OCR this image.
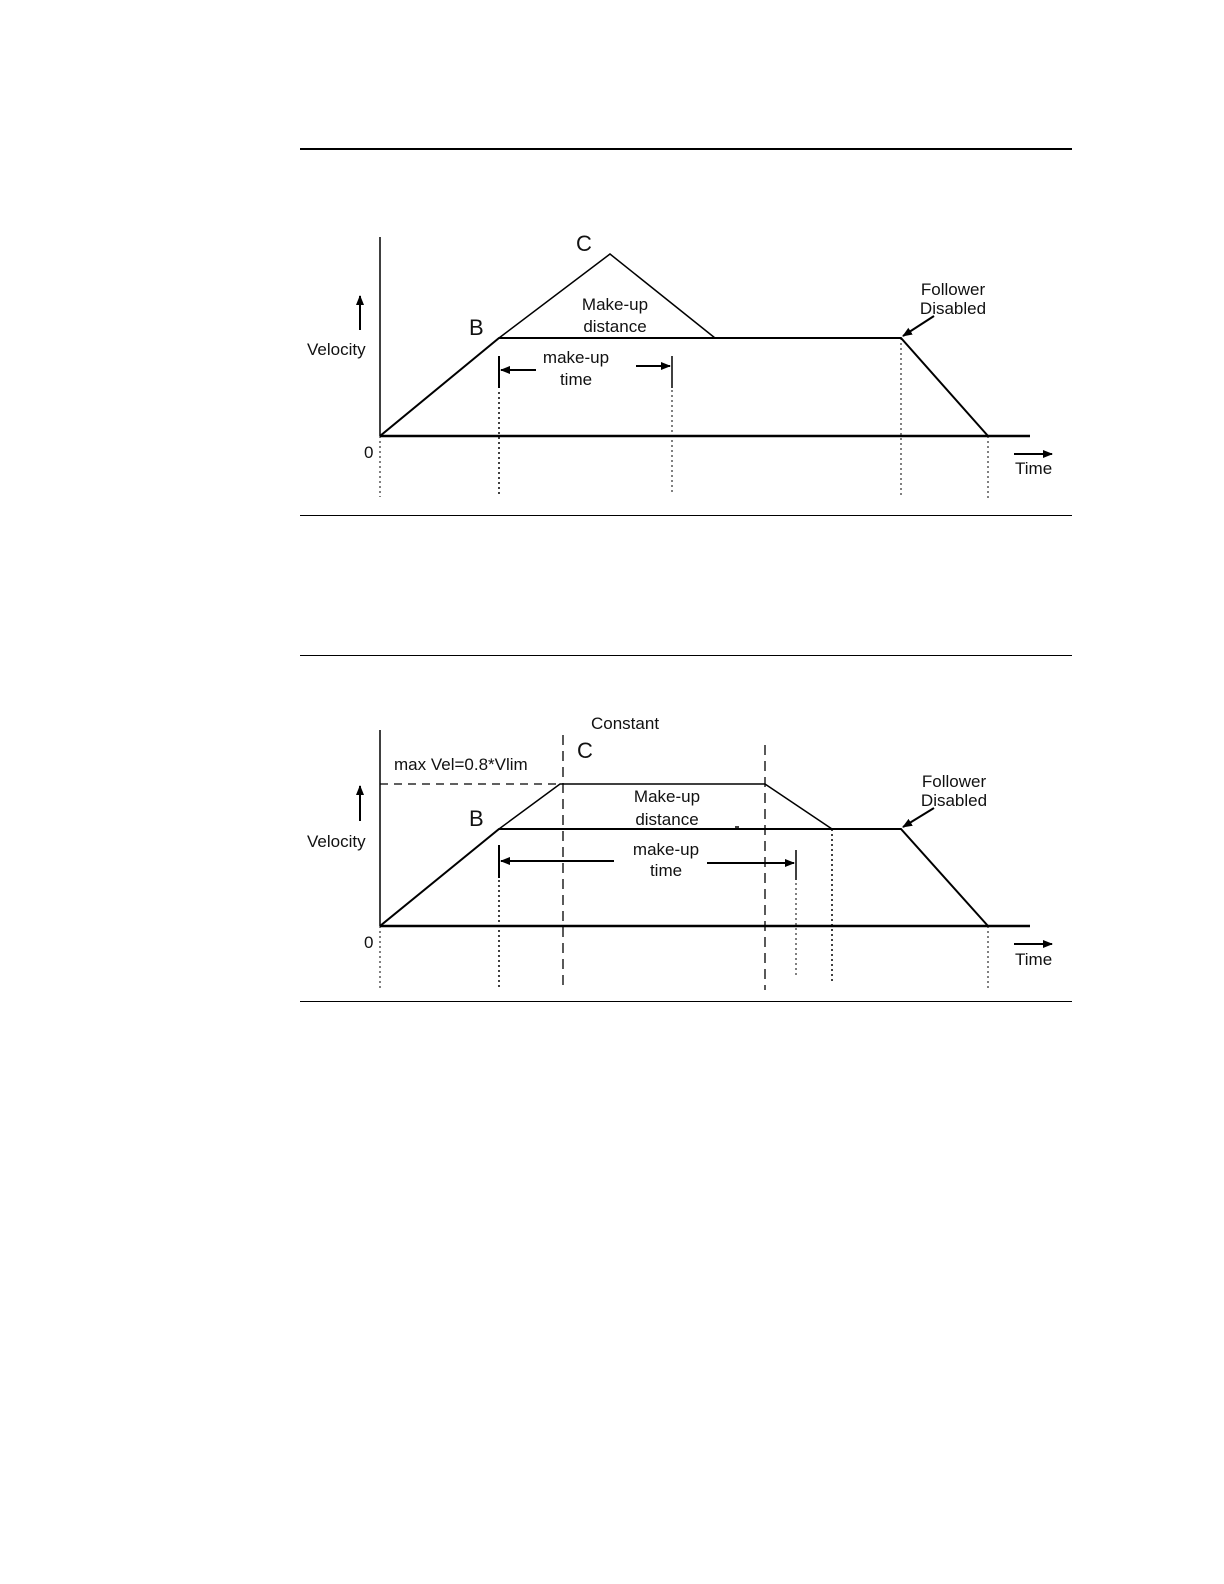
Velocity
Time
0
B
C
Make-up
distance
make-up
time
Follower
Disabled
Constant
max Vel=0.8*Vlim
Velocity
Time
0
B
C
Make-up
distance
make-up
time
Follower
Disabled
